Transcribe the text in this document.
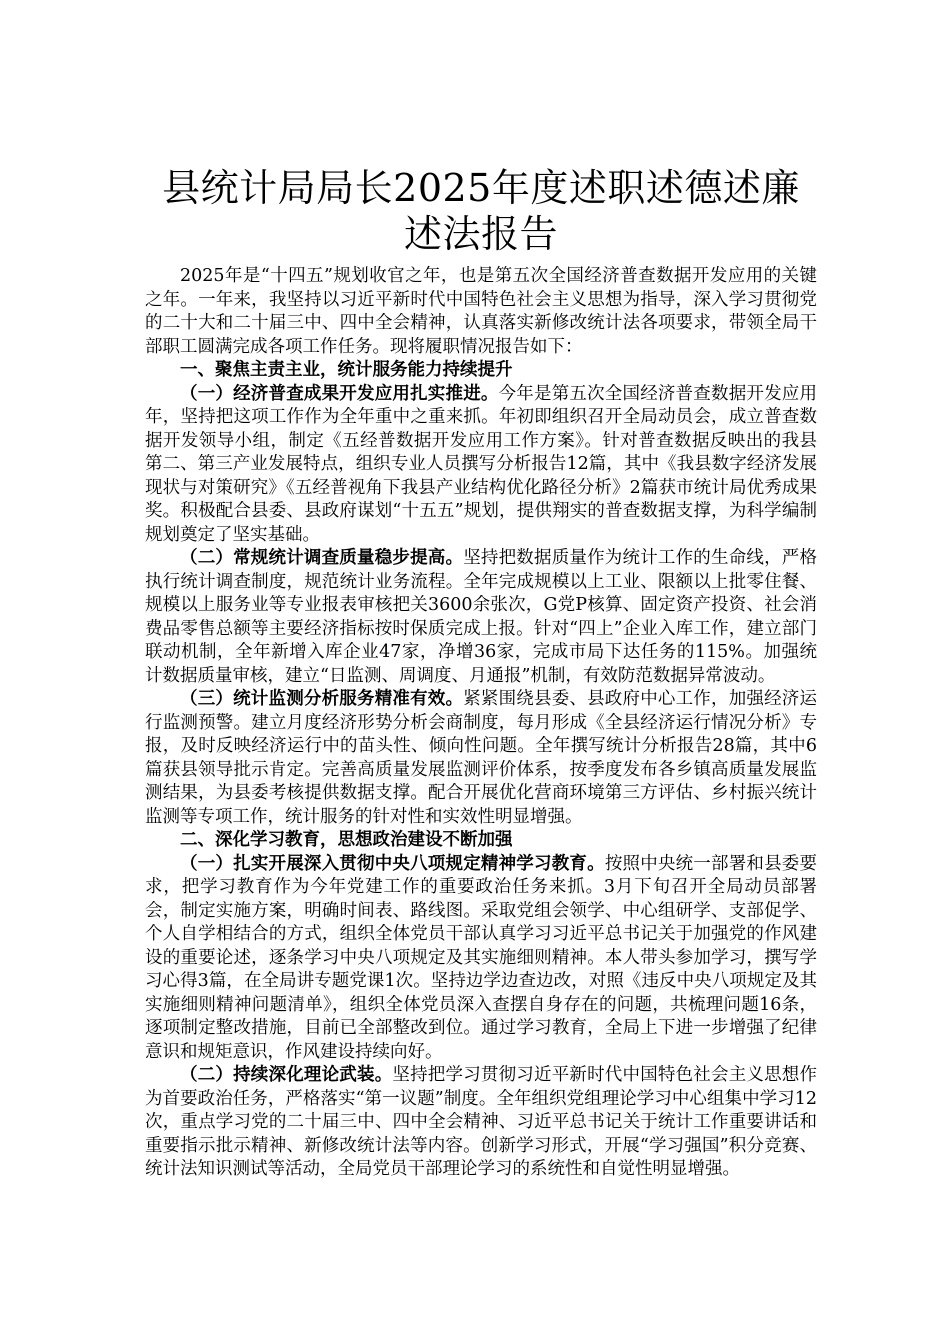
县统计局局长2025年度述职述德述廉述法报告

2025年是“十四五”规划收官之年，也是第五次全国经济普查数据开发应用的关键之年。一年来，我坚持以习近平新时代中国特色社会主义思想为指导，深入学习贯彻党的二十大和二十届三中、四中全会精神，认真落实新修改统计法各项要求，带领全局干部职工圆满完成各项工作任务。现将履职情况报告如下：

一、聚焦主责主业，统计服务能力持续提升

（一）经济普查成果开发应用扎实推进。今年是第五次全国经济普查数据开发应用年，坚持把这项工作作为全年重中之重来抓。年初即组织召开全局动员会，成立普查数据开发领导小组，制定《五经普数据开发应用工作方案》。针对普查数据反映出的我县第二、第三产业发展特点，组织专业人员撰写分析报告12篇，其中《我县数字经济发展现状与对策研究》《五经普视角下我县产业结构优化路径分析》2篇获市统计局优秀成果奖。积极配合县委、县政府谋划“十五五”规划，提供翔实的普查数据支撑，为科学编制规划奠定了坚实基础。

（二）常规统计调查质量稳步提高。坚持把数据质量作为统计工作的生命线，严格执行统计调查制度，规范统计业务流程。全年完成规模以上工业、限额以上批零住餐、规模以上服务业等专业报表审核把关3600余张次，G党P核算、固定资产投资、社会消费品零售总额等主要经济指标按时保质完成上报。针对“四上”企业入库工作，建立部门联动机制，全年新增入库企业47家，净增36家，完成市局下达任务的115%。加强统计数据质量审核，建立“日监测、周调度、月通报”机制，有效防范数据异常波动。

（三）统计监测分析服务精准有效。紧紧围绕县委、县政府中心工作，加强经济运行监测预警。建立月度经济形势分析会商制度，每月形成《全县经济运行情况分析》专报，及时反映经济运行中的苗头性、倾向性问题。全年撰写统计分析报告28篇，其中6篇获县领导批示肯定。完善高质量发展监测评价体系，按季度发布各乡镇高质量发展监测结果，为县委考核提供数据支撑。配合开展优化营商环境第三方评估、乡村振兴统计监测等专项工作，统计服务的针对性和实效性明显增强。

二、深化学习教育，思想政治建设不断加强

（一）扎实开展深入贯彻中央八项规定精神学习教育。按照中央统一部署和县委要求，把学习教育作为今年党建工作的重要政治任务来抓。3月下旬召开全局动员部署会，制定实施方案，明确时间表、路线图。采取党组会领学、中心组研学、支部促学、个人自学相结合的方式，组织全体党员干部认真学习习近平总书记关于加强党的作风建设的重要论述，逐条学习中央八项规定及其实施细则精神。本人带头参加学习，撰写学习心得3篇，在全局讲专题党课1次。坚持边学边查边改，对照《违反中央八项规定及其实施细则精神问题清单》，组织全体党员深入查摆自身存在的问题，共梳理问题16条，逐项制定整改措施，目前已全部整改到位。通过学习教育，全局上下进一步增强了纪律意识和规矩意识，作风建设持续向好。

（二）持续深化理论武装。坚持把学习贯彻习近平新时代中国特色社会主义思想作为首要政治任务，严格落实“第一议题”制度。全年组织党组理论学习中心组集中学习12次，重点学习党的二十届三中、四中全会精神、习近平总书记关于统计工作重要讲话和重要指示批示精神、新修改统计法等内容。创新学习形式，开展“学习强国”积分竞赛、统计法知识测试等活动，全局党员干部理论学习的系统性和自觉性明显增强。
